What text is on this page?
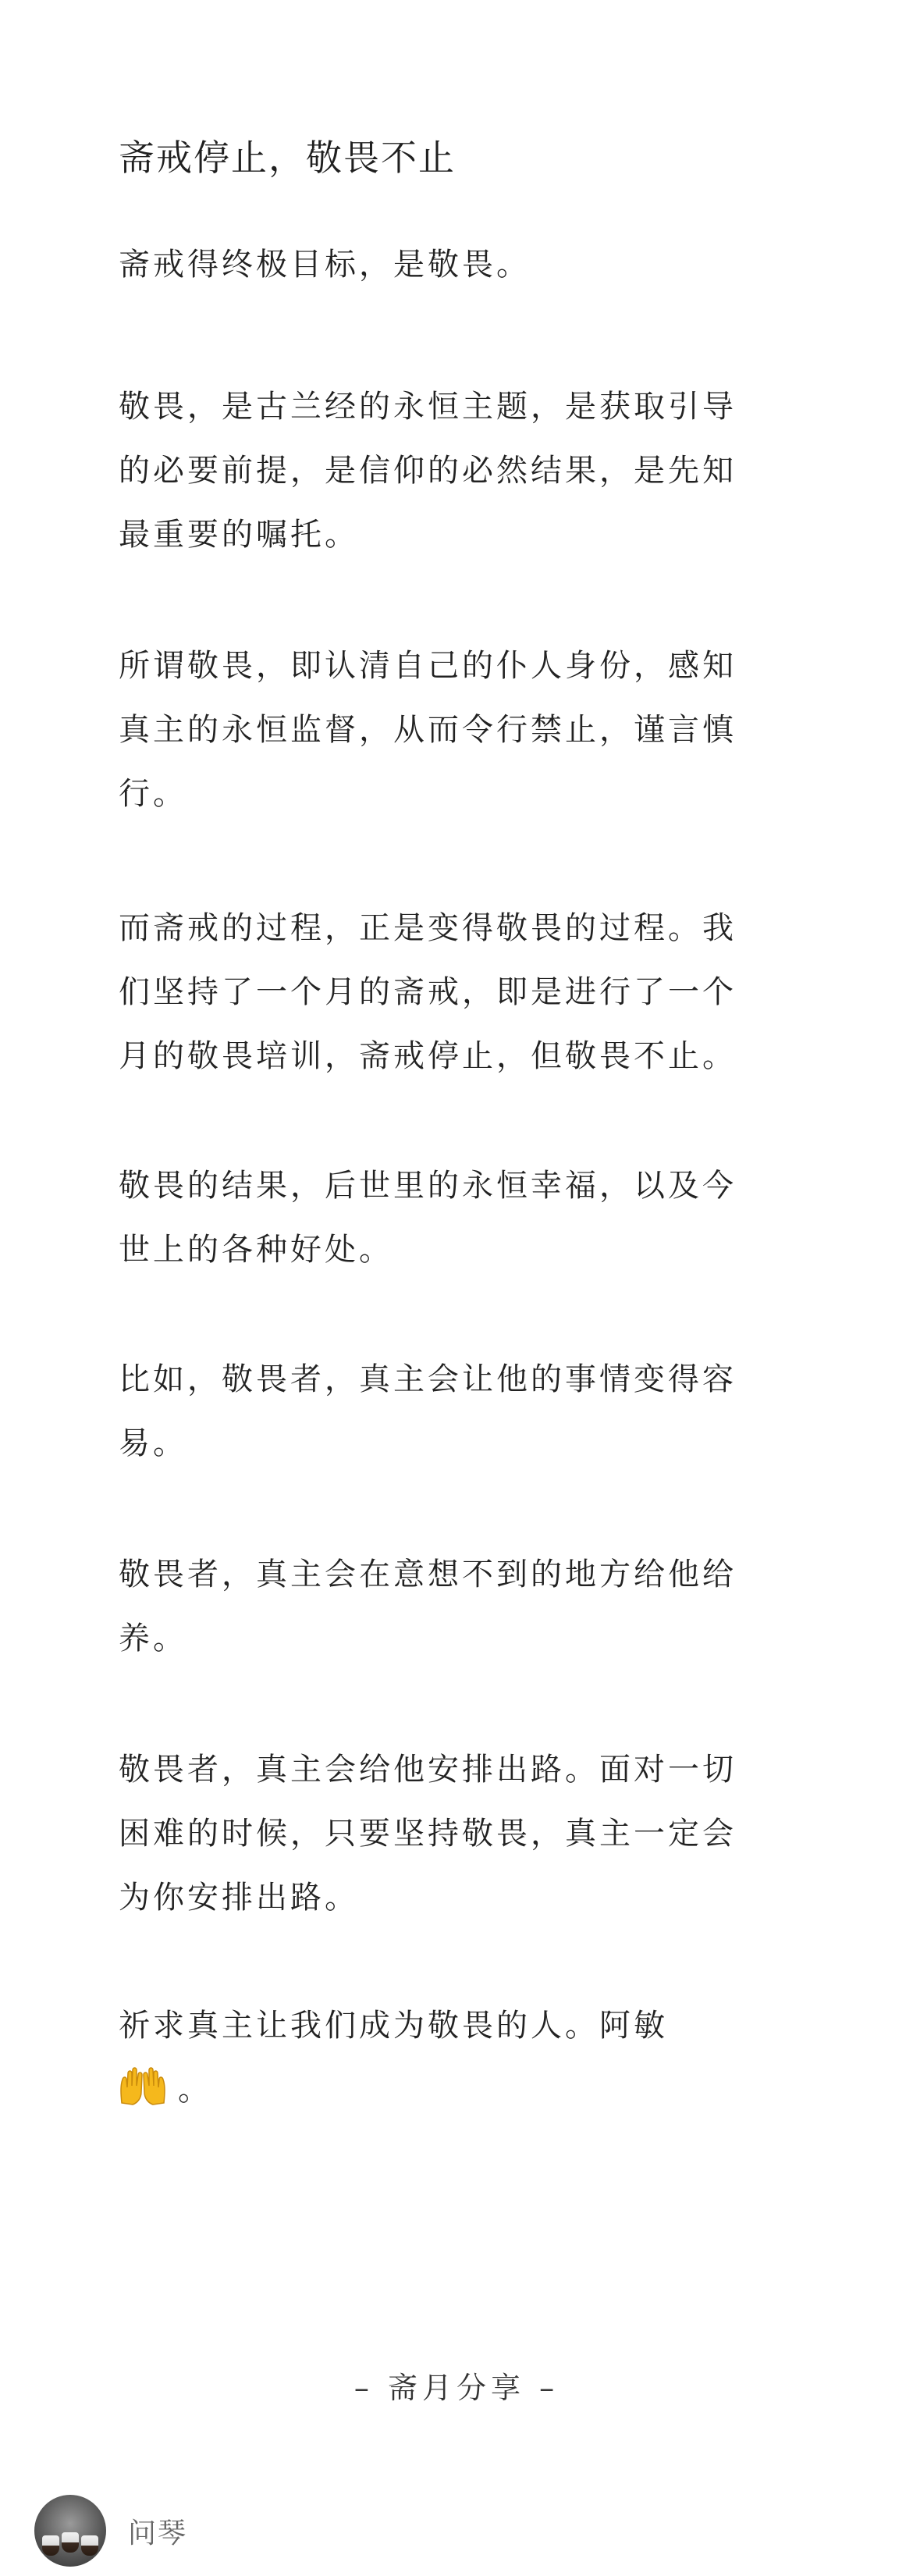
斋戒停止，敬畏不止
斋戒得终极目标，是敬畏。
敬畏，是古兰经的永恒主题，是获取引导
的必要前提，是信仰的必然结果，是先知
最重要的嘱托。
所谓敬畏，即认清自己的仆人身份，感知
真主的永恒监督，从而令行禁止，谨言慎
行。
而斋戒的过程，正是变得敬畏的过程。我
们坚持了一个月的斋戒，即是进行了一个
月的敬畏培训，斋戒停止，但敬畏不止。
敬畏的结果，后世里的永恒幸福，以及今
世上的各种好处。
比如，敬畏者，真主会让他的事情变得容
易。
敬畏者，真主会在意想不到的地方给他给
养。
敬畏者，真主会给他安排出路。面对一切
困难的时候，只要坚持敬畏，真主一定会
为你安排出路。
祈求真主让我们成为敬畏的人。阿敏
。
– 斋月分享 –
问琴
